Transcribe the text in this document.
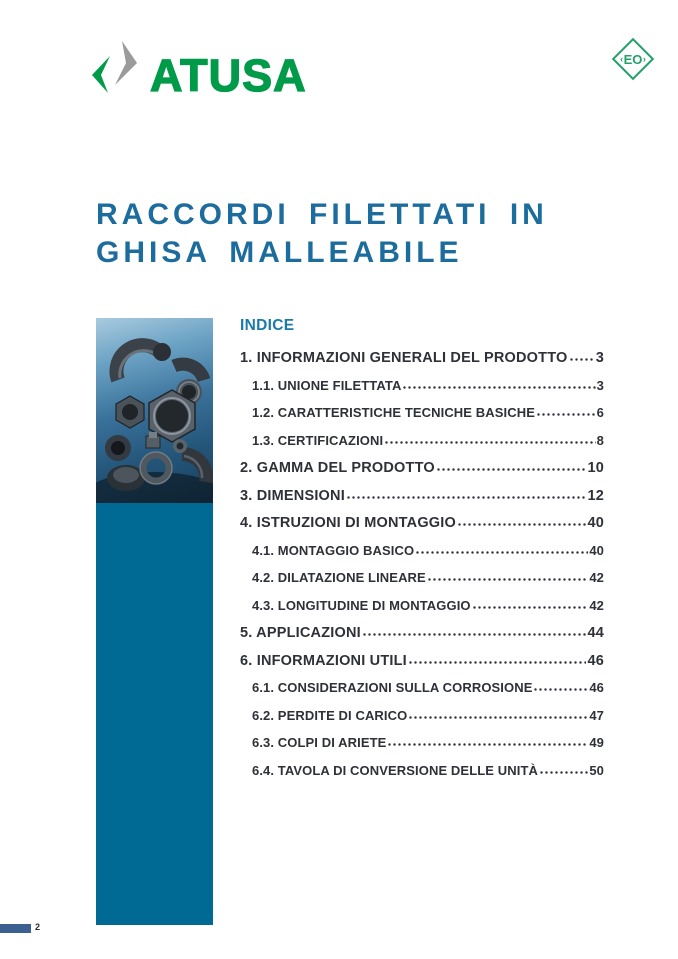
ATUSA	‹ EO ›
RACCORDI FILETTATI IN
GHISA MALLEABILE
INDICE
1. INFORMAZIONI GENERALI DEL PRODOTTO 3
1.1. UNIONE FILETTATA	3
1.2. CARATTERISTICHE TECNICHE BASICHE	6
1.3. CERTIFICAZIONI	8
2. GAMMA DEL PRODOTTO	10
3. DIMENSIONI	12
4. ISTRUZIONI DI MONTAGGIO	40
4.1. MONTAGGIO BASICO	40
4.2. DILATAZIONE LINEARE	42
4.3. LONGITUDINE DI MONTAGGIO	42
5. APPLICAZIONI	44
6. INFORMAZIONI UTILI	46
6.1. CONSIDERAZIONI SULLA CORROSIONE	46
6.2. PERDITE DI CARICO	47
6.3. COLPI DI ARIETE	49
6.4. TAVOLA DI CONVERSIONE DELLE UNITÀ	50
2
